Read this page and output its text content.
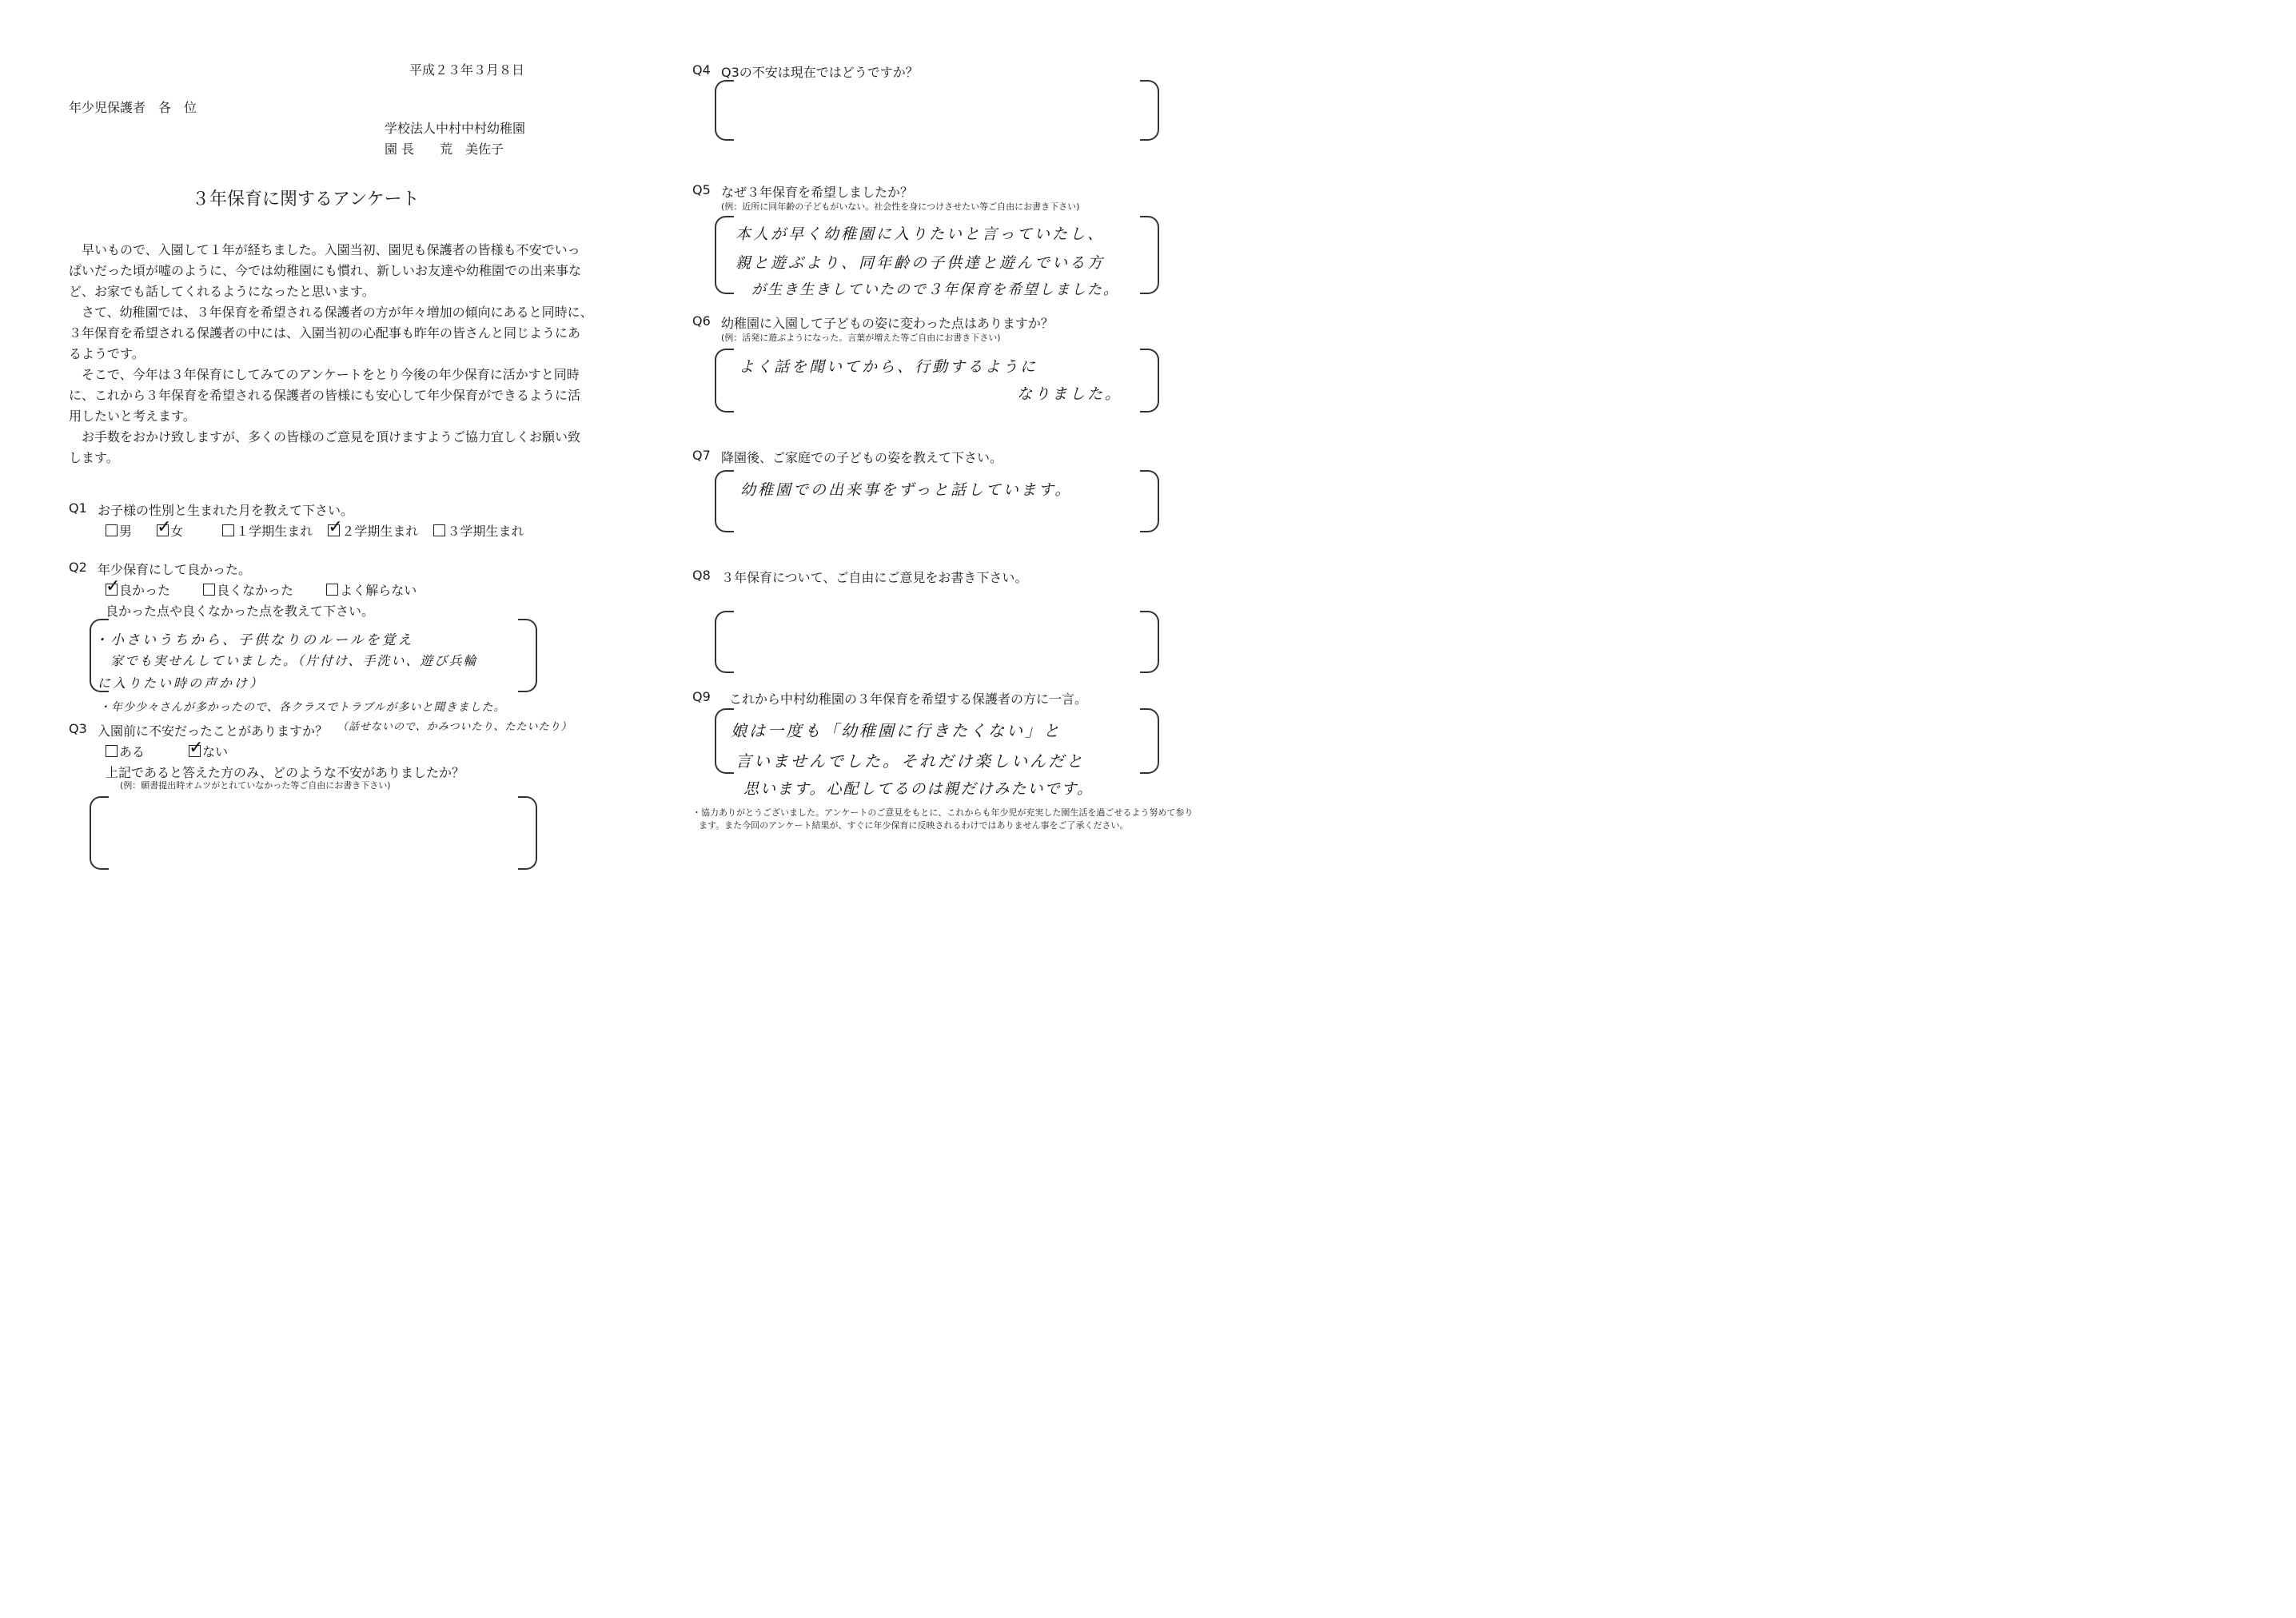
平成２３年３月８日
年少児保護者　各　位
学校法人中村中村幼稚園
園 長　　荒　美佐子
３年保育に関するアンケート
早いもので、入園して１年が経ちました。入園当初、園児も保護者の皆様も不安でいっ
ぱいだった頃が嘘のように、今では幼稚園にも慣れ、新しいお友達や幼稚園での出来事な
ど、お家でも話してくれるようになったと思います。
さて、幼稚園では、３年保育を希望される保護者の方が年々増加の傾向にあると同時に、
３年保育を希望される保護者の中には、入園当初の心配事も昨年の皆さんと同じようにあ
るようです。
そこで、今年は３年保育にしてみてのアンケートをとり今後の年少保育に活かすと同時
に、これから３年保育を希望される保護者の皆様にも安心して年少保育ができるように活
用したいと考えます。
お手数をおかけ致しますが、多くの皆様のご意見を頂けますようご協力宜しくお願い致
します。
Q1 お子様の性別と生まれた月を教えて下さい。
男 ✓	女	１学期生まれ ✓ ２学期生まれ ３学期生まれ
Q2 年少保育にして良かった。
✓良かった	良くなかった	よく解らない
良かった点や良くなかった点を教えて下さい。
・小さいうちから、子供なりのルールを覚え
家でも実せんしていました。（片付け、手洗い、遊び兵輪
に入りたい時の声かけ）
・年少少々さんが多かったので、各クラスでトラブルが多いと聞きました。
Q3 入園前に不安だったことがありますか？ （話せないので、かみついたり、たたいたり）
ある ✓	ない
上記であると答えた方のみ、どのような不安がありましたか？
(例：願書提出時オムツがとれていなかった等ご自由にお書き下さい)
Q4 Q3の不安は現在ではどうですか？
Q5 なぜ３年保育を希望しましたか？
(例：近所に同年齢の子どもがいない。社会性を身につけさせたい等ご自由にお書き下さい)
本人が早く幼稚園に入りたいと言っていたし、
親と遊ぶより、同年齢の子供達と遊んでいる方
が生き生きしていたので３年保育を希望しました。
Q6 幼稚園に入園して子どもの姿に変わった点はありますか？
(例：活発に遊ぶようになった。言葉が増えた等ご自由にお書き下さい)
よく話を聞いてから、行動するように
なりました。
Q7 降園後、ご家庭での子どもの姿を教えて下さい。
幼稚園での出来事をずっと話しています。
Q8 ３年保育について、ご自由にご意見をお書き下さい。
Q9 これから中村幼稚園の３年保育を希望する保護者の方に一言。
娘は一度も「幼稚園に行きたくない」と
言いませんでした。それだけ楽しいんだと
思います。心配してるのは親だけみたいです。
・協力ありがとうございました。アンケートのご意見をもとに、これからも年少児が充実した園生活を過ごせるよう努めて参り
ます。また今回のアンケート結果が、すぐに年少保育に反映されるわけではありません事をご了承ください。
